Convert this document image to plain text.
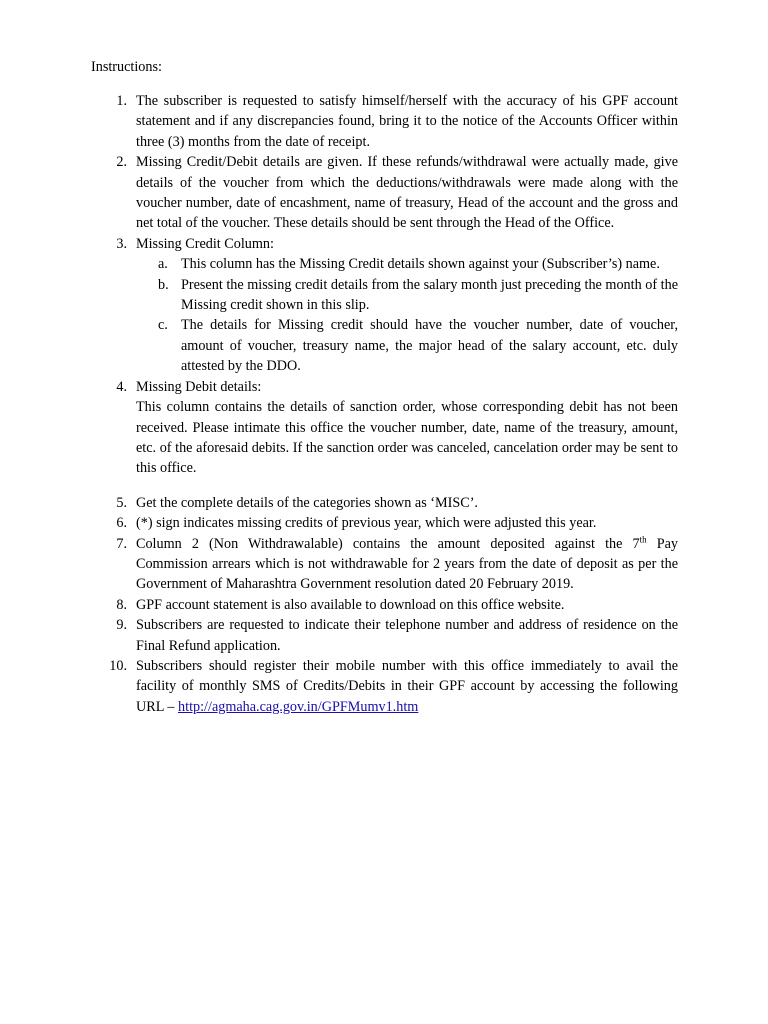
Instructions:
1. The subscriber is requested to satisfy himself/herself with the accuracy of his GPF account statement and if any discrepancies found, bring it to the notice of the Accounts Officer within three (3) months from the date of receipt.
2. Missing Credit/Debit details are given. If these refunds/withdrawal were actually made, give details of the voucher from which the deductions/withdrawals were made along with the voucher number, date of encashment, name of treasury, Head of the account and the gross and net total of the voucher. These details should be sent through the Head of the Office.
3. Missing Credit Column:
a. This column has the Missing Credit details shown against your (Subscriber’s) name.
b. Present the missing credit details from the salary month just preceding the month of the Missing credit shown in this slip.
c. The details for Missing credit should have the voucher number, date of voucher, amount of voucher, treasury name, the major head of the salary account, etc. duly attested by the DDO.
4. Missing Debit details:
This column contains the details of sanction order, whose corresponding debit has not been received. Please intimate this office the voucher number, date, name of the treasury, amount, etc. of the aforesaid debits. If the sanction order was canceled, cancelation order may be sent to this office.
5. Get the complete details of the categories shown as ‘MISC’.
6. (*) sign indicates missing credits of previous year, which were adjusted this year.
7. Column 2 (Non Withdrawalable) contains the amount deposited against the 7th Pay Commission arrears which is not withdrawable for 2 years from the date of deposit as per the Government of Maharashtra Government resolution dated 20 February 2019.
8. GPF account statement is also available to download on this office website.
9. Subscribers are requested to indicate their telephone number and address of residence on the Final Refund application.
10. Subscribers should register their mobile number with this office immediately to avail the facility of monthly SMS of Credits/Debits in their GPF account by accessing the following URL – http://agmaha.cag.gov.in/GPFMumv1.htm
